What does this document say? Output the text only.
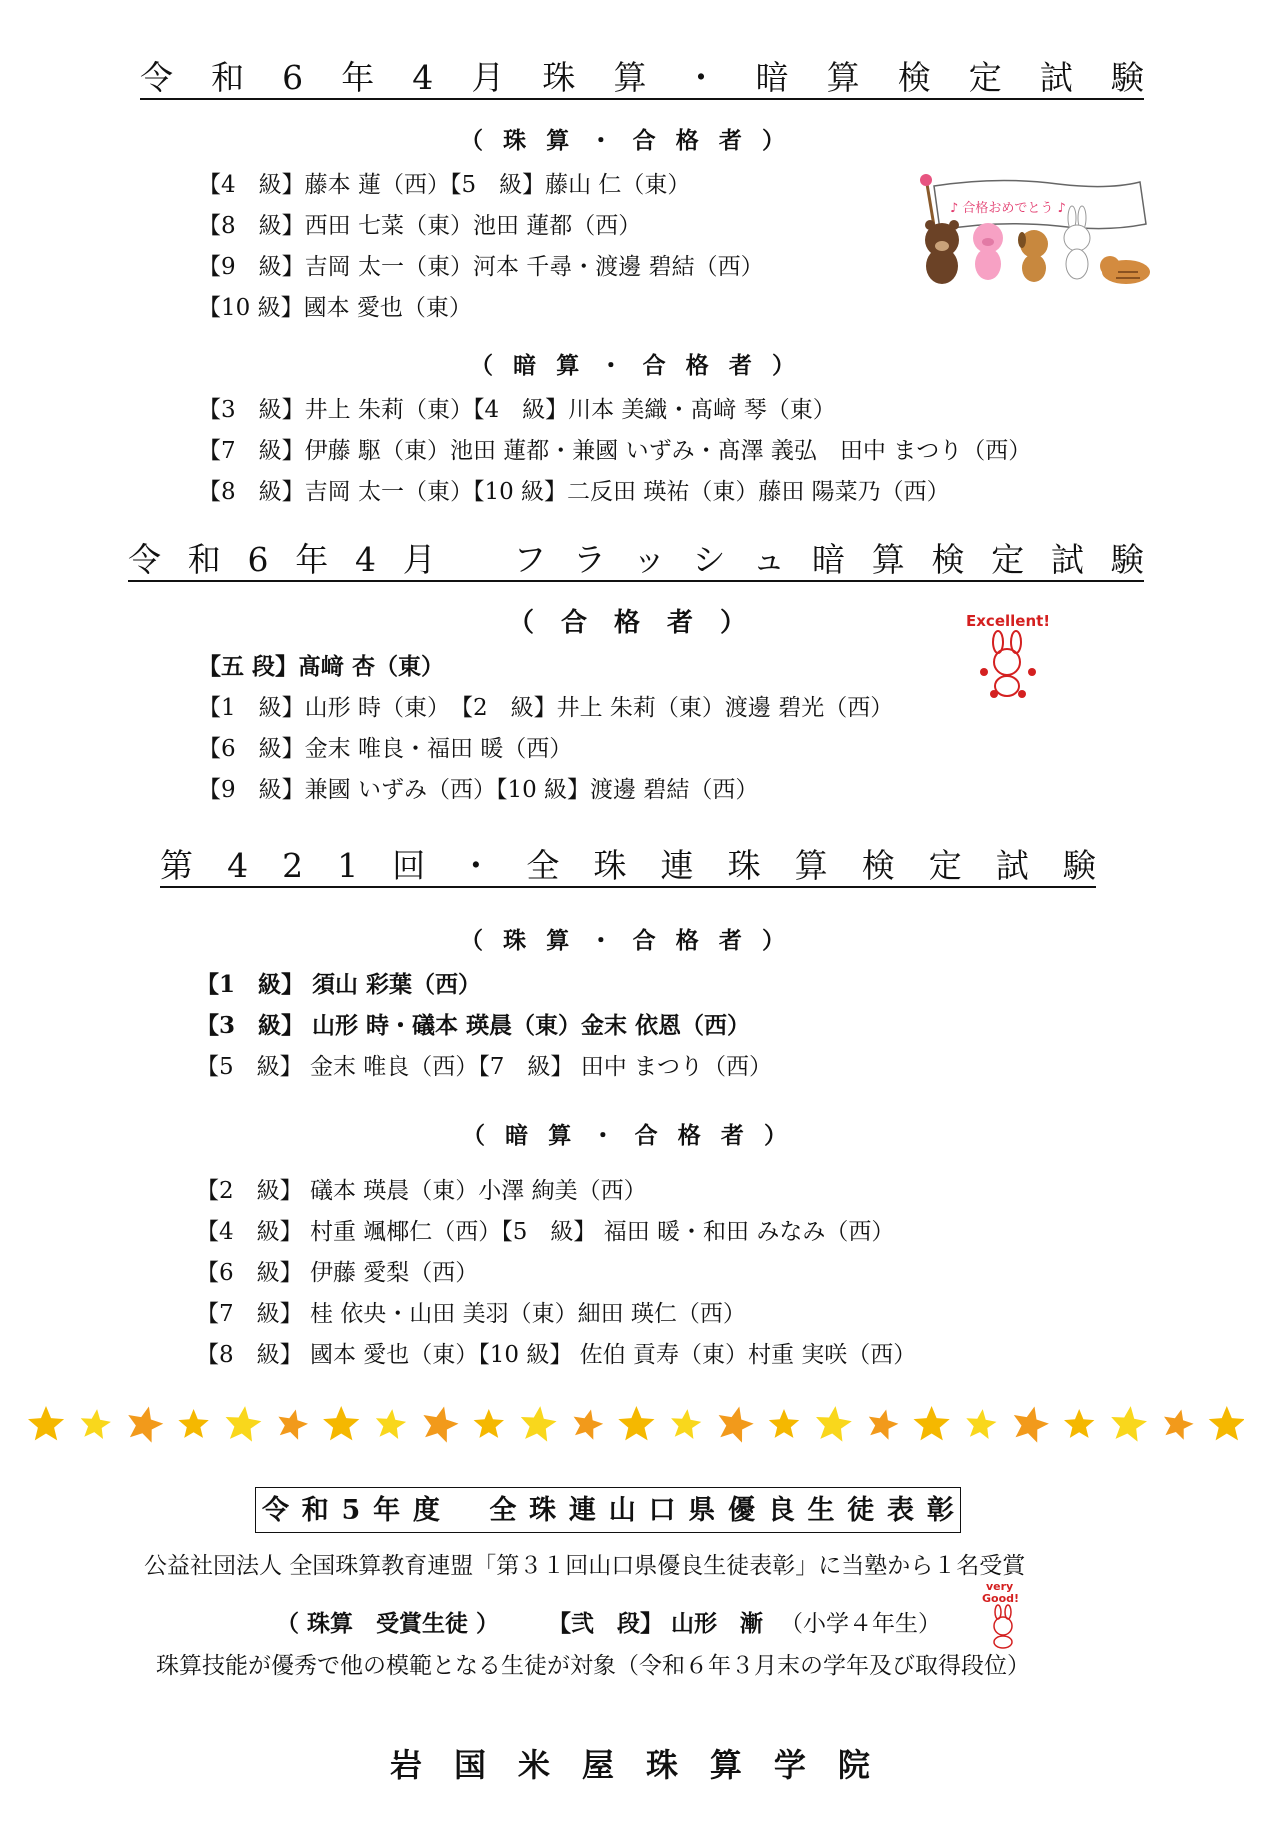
令 和 6 年 4 月 珠 算 ・ 暗 算 検 定 試 験
（ 珠 算 ・ 合 格 者 ）
【4　級】藤本 蓮（西）【5　級】藤山 仁（東）
【8　級】西田 七菜（東）池田 蓮都（西）
【9　級】吉岡 太一（東）河本 千尋・渡邊 碧結（西）
【10 級】國本 愛也（東）
♪ 合格おめでとう ♪
（ 暗 算 ・ 合 格 者 ）
【3　級】井上 朱莉（東）【4　級】川本 美織・髙﨑 琴（東）
【7　級】伊藤 駆（東）池田 蓮都・兼國 いずみ・髙澤 義弘　田中 まつり（西）
【8　級】吉岡 太一（東）【10 級】二反田 瑛祐（東）藤田 陽菜乃（西）
令 和 6 年 4 月 フ ラ ッ シ ュ 暗 算 検 定 試 験
（ 合 格 者 ）	Excellent!
【五 段】髙﨑 杏（東）
【1　級】山形 時（東）　【2　級】井上 朱莉（東）渡邊 碧光（西）
【6　級】金末 唯良・福田 暖（西）
【9　級】兼國 いずみ（西）【10 級】渡邊 碧結（西）
第 4 2 1 回 ・ 全 珠 連 珠 算 検 定 試 験
（ 珠 算 ・ 合 格 者 ）
【1　級】 須山 彩葉（西）
【3　級】 山形 時・礒本 瑛晨（東）金末 依恩（西）
【5　級】 金末 唯良（西）【7　級】 田中 まつり（西）
（ 暗 算 ・ 合 格 者 ）
【2　級】 礒本 瑛晨（東）小澤 絢美（西）
【4　級】 村重 颯椰仁（西）【5　級】 福田 暖・和田 みなみ（西）
【6　級】 伊藤 愛梨（西）
【7　級】 桂 依央・山田 美羽（東）細田 瑛仁（西）
【8　級】 國本 愛也（東）【10 級】 佐伯 貢寿（東）村重 実咲（西）
令 和 5 年 度 全 珠 連 山 口 県 優 良 生 徒 表 彰
公益社団法人 全国珠算教育連盟「第３１回山口県優良生徒表彰」に当塾から１名受賞
（ 珠算　受賞生徒 ） 【弐　段】 山形　漸 （小学４年生）
very
Good!
珠算技能が優秀で他の模範となる生徒が対象（令和６年３月末の学年及び取得段位）
岩 国 米 屋 珠 算 学 院
